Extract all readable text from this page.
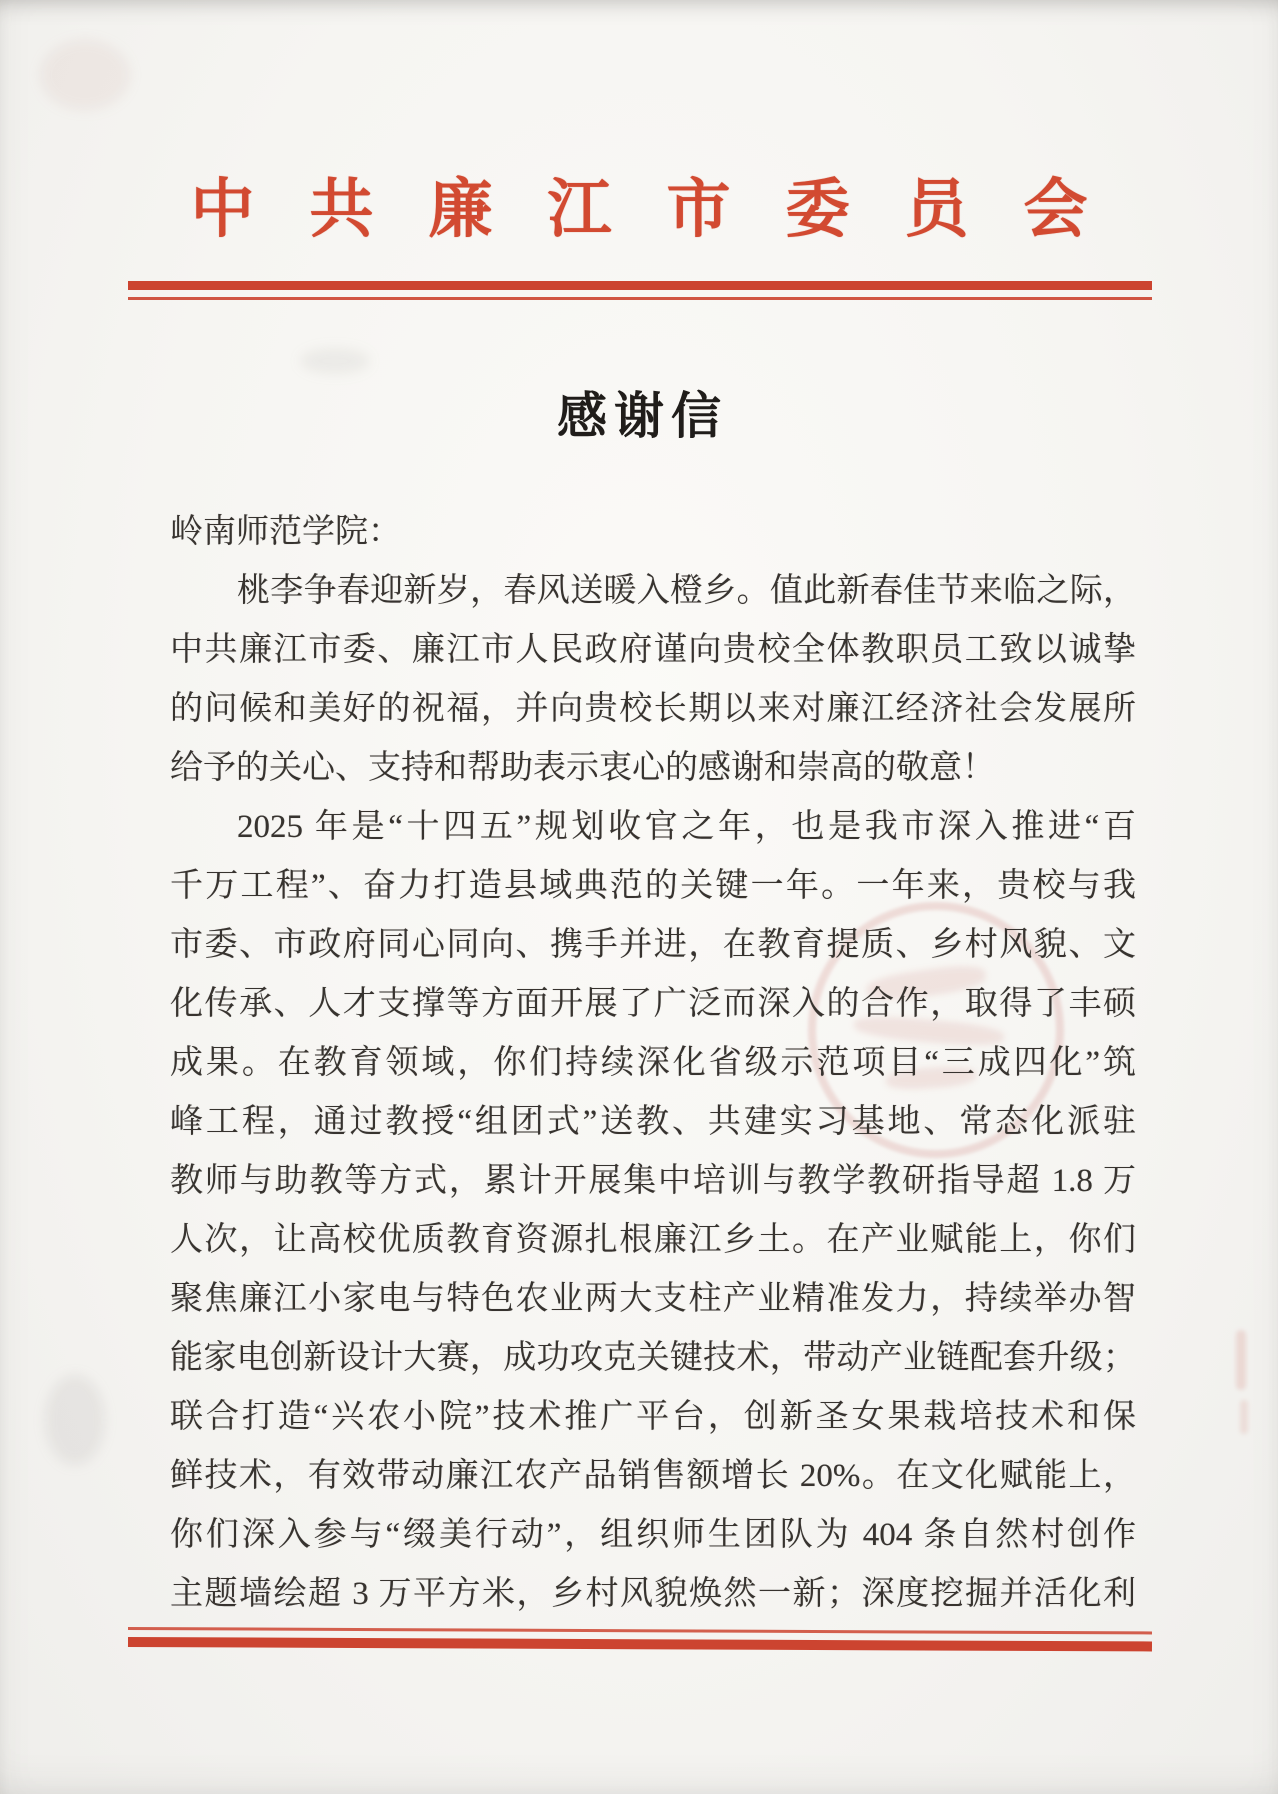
中共廉江市委员会
感谢信
岭南师范学院：
桃李争春迎新岁，春风送暖入橙乡。值此新春佳节来临之际，
中共廉江市委、廉江市人民政府谨向贵校全体教职员工致以诚挚
的问候和美好的祝福，并向贵校长期以来对廉江经济社会发展所
给予的关心、支持和帮助表示衷心的感谢和崇高的敬意！
2025 年是“十四五”规划收官之年，也是我市深入推进“百
千万工程”、奋力打造县域典范的关键一年。一年来，贵校与我
市委、市政府同心同向、携手并进，在教育提质、乡村风貌、文
化传承、人才支撑等方面开展了广泛而深入的合作，取得了丰硕
成果。在教育领域，你们持续深化省级示范项目“三成四化”筑
峰工程，通过教授“组团式”送教、共建实习基地、常态化派驻
教师与助教等方式，累计开展集中培训与教学教研指导超 1.8 万
人次，让高校优质教育资源扎根廉江乡土。在产业赋能上，你们
聚焦廉江小家电与特色农业两大支柱产业精准发力，持续举办智
能家电创新设计大赛，成功攻克关键技术，带动产业链配套升级；
联合打造“兴农小院”技术推广平台，创新圣女果栽培技术和保
鲜技术，有效带动廉江农产品销售额增长 20%。在文化赋能上，
你们深入参与“缀美行动”，组织师生团队为 404 条自然村创作
主题墙绘超 3 万平方米，乡村风貌焕然一新；深度挖掘并活化利
